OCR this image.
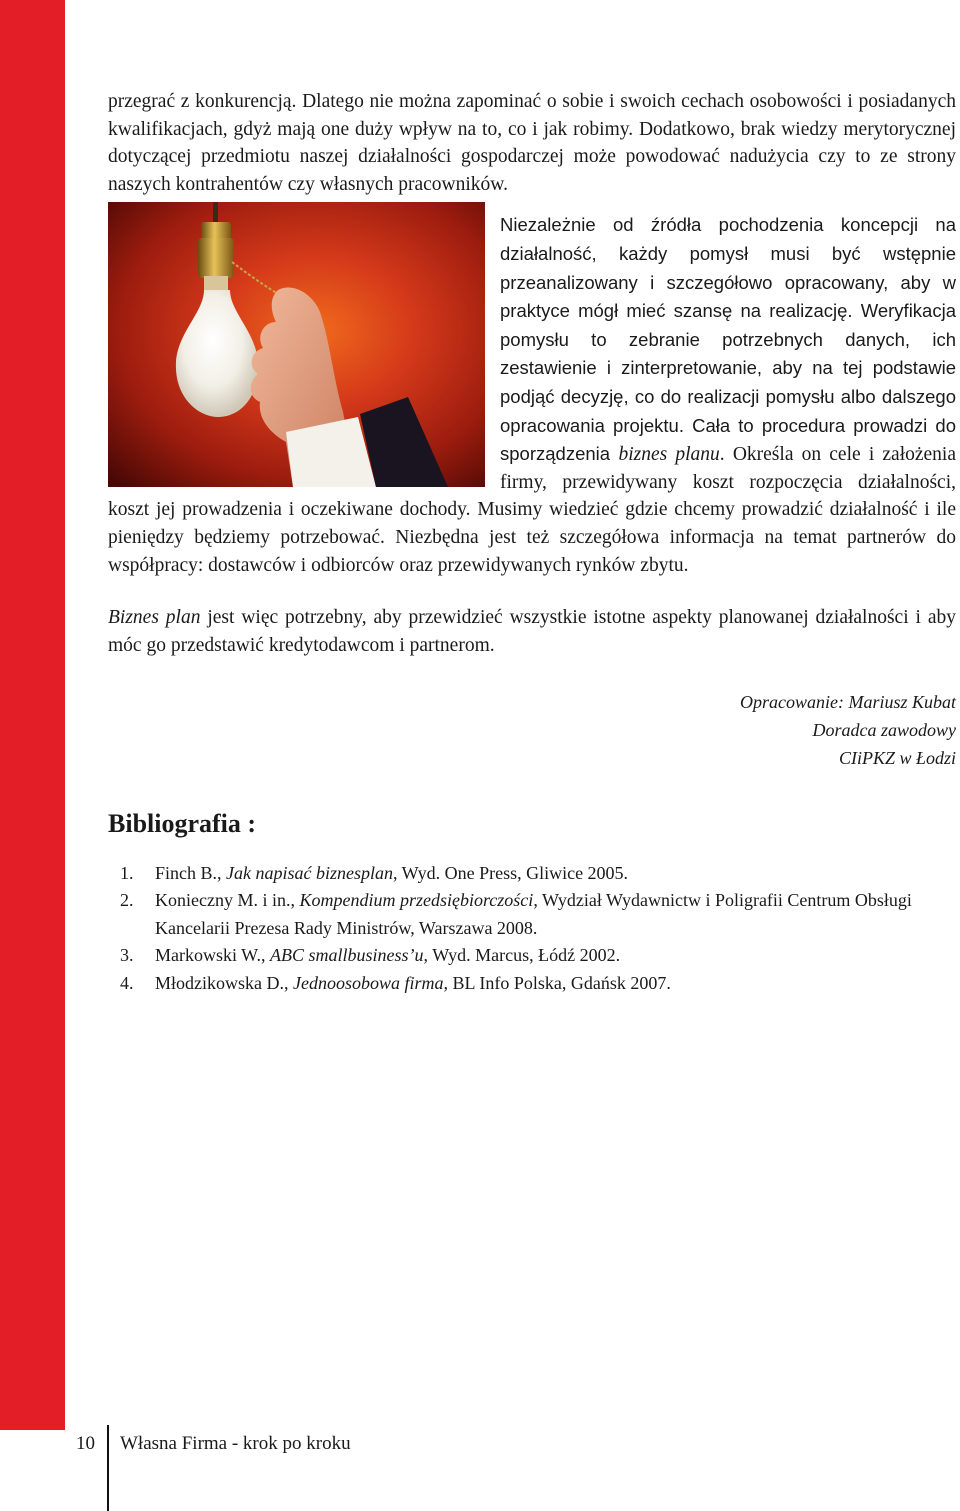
przegrać z konkurencją. Dlatego nie można zapominać o sobie i swoich cechach osobowości i posiadanych kwalifikacjach, gdyż mają one duży wpływ na to, co i jak robimy. Dodatkowo, brak wiedzy merytorycznej dotyczącej przedmiotu naszej działalności gospodarczej może powodować nadużycia czy to ze strony naszych kontrahentów czy własnych pracowników.

Niezależnie od źródła pochodzenia koncepcji na działalność, każdy pomysł musi być wstępnie przeanalizowany i szczegółowo opracowany, aby w praktyce mógł mieć szansę na realizację. Weryfikacja pomysłu to zebranie potrzebnych danych, ich zestawienie i zinterpretowanie, aby na tej podstawie podjąć decyzję, co do realizacji pomysłu albo dalszego opracowania projektu. Cała to procedura prowadzi do sporządzenia biznes planu. Określa on cele i założenia firmy, przewidywany koszt rozpoczęcia działalności, koszt jej prowadzenia i oczekiwane dochody. Musimy wiedzieć gdzie chcemy prowadzić działalność i ile pieniędzy będziemy potrzebować. Niezbędna jest też szczegółowa informacja na temat partnerów do współpracy: dostawców i odbiorców oraz przewidywanych rynków zbytu.

Biznes plan jest więc potrzebny, aby przewidzieć wszystkie istotne aspekty planowanej działalności i aby móc go przedstawić kredytodawcom i partnerom.

Opracowanie: Mariusz Kubat
Doradca zawodowy
CIiPKZ w Łodzi
Bibliografia :
1. Finch B., Jak napisać biznesplan, Wyd. One Press, Gliwice 2005.
2. Konieczny M. i in., Kompendium przedsiębiorczości, Wydział Wydawnictw i Poligrafii Centrum Obsługi Kancelarii Prezesa Rady Ministrów, Warszawa 2008.
3. Markowski W., ABC smallbusiness’u, Wyd. Marcus, Łódź 2002.
4. Młodzikowska D., Jednoosobowa firma, BL Info Polska, Gdańsk 2007.
10 Własna Firma - krok po kroku
